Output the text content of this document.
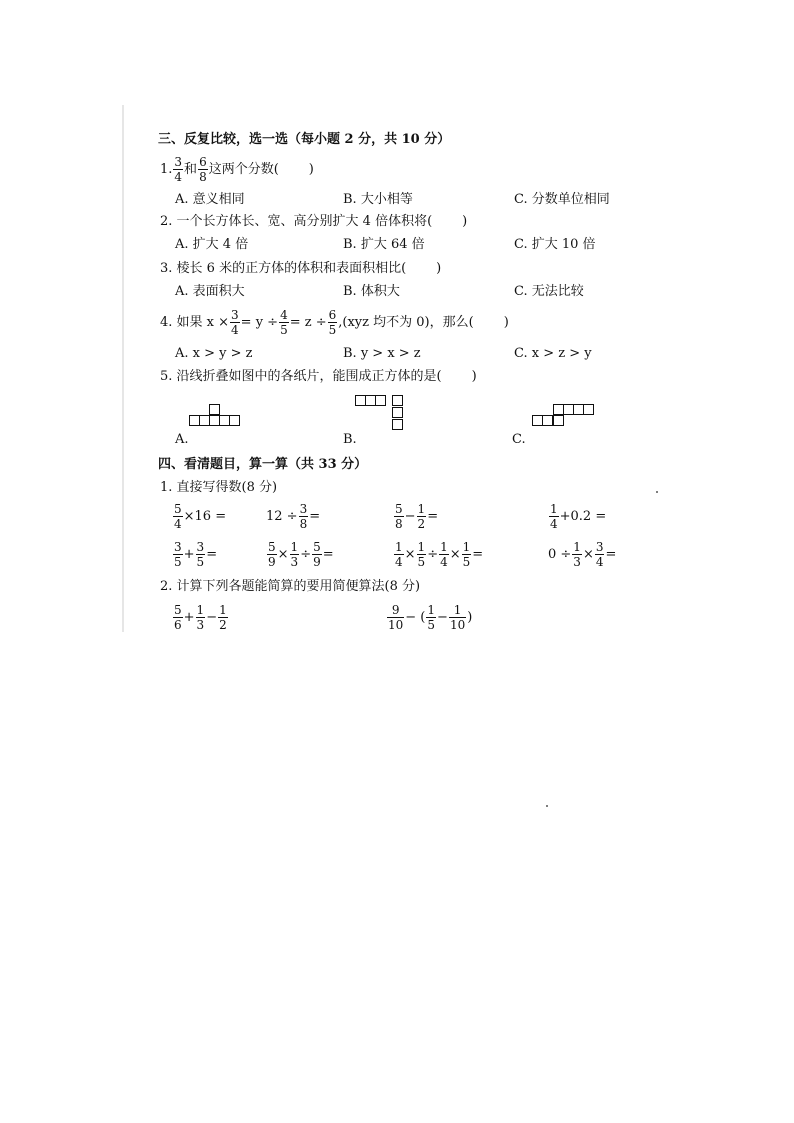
三、反复比较，选一选（每小题 2 分，共 10 分）
1. $\frac{3}{4}$ 和 $\frac{6}{8}$ 这两个分数( )
A. 意义相同	B. 大小相等	C. 分数单位相同
2. 一个长方体长、宽、高分别扩大 4 倍体积将( )
A. 扩大 4 倍	B. 扩大 64 倍	C. 扩大 10 倍
3. 棱长 6 米的正方体的体积和表面积相比( )
A. 表面积大	B. 体积大	C. 无法比较
4. 如果 $x \times \frac{3}{4} = y \div \frac{4}{5} = z \div \frac{6}{5} ,(xyz$ 均不为 0)，那么( )
A. x > y > z	B. y > x > z	C. x > z > y
5. 沿线折叠如图中的各纸片，能围成正方体的是( )
A.	B.	C.
四、看清题目，算一算（共 33 分）
1. 直接写得数(8 分)
$\frac{5}{4} \times 16$ =	$12 \div \frac{3}{8}$ =	$\frac{5}{8} - \frac{1}{2}$ =	$\frac{1}{4} +0.2$ =
$\frac{3}{5} + \frac{3}{5}$ =	$\frac{5}{9} \times \frac{1}{3} \div \frac{5}{9}$ =	$\frac{1}{4} \times \frac{1}{5} \div \frac{1}{4} \times \frac{1}{5}$ =	$0 \div \frac{1}{3} \times \frac{3}{4}$ =
2. 计算下列各题能简算的要用简便算法(8 分)
$\frac{5}{6} + \frac{1}{3} - \frac{1}{2}$	$\frac{9}{10}$ − ( $\frac{1}{5} - \frac{1}{10}$ )
